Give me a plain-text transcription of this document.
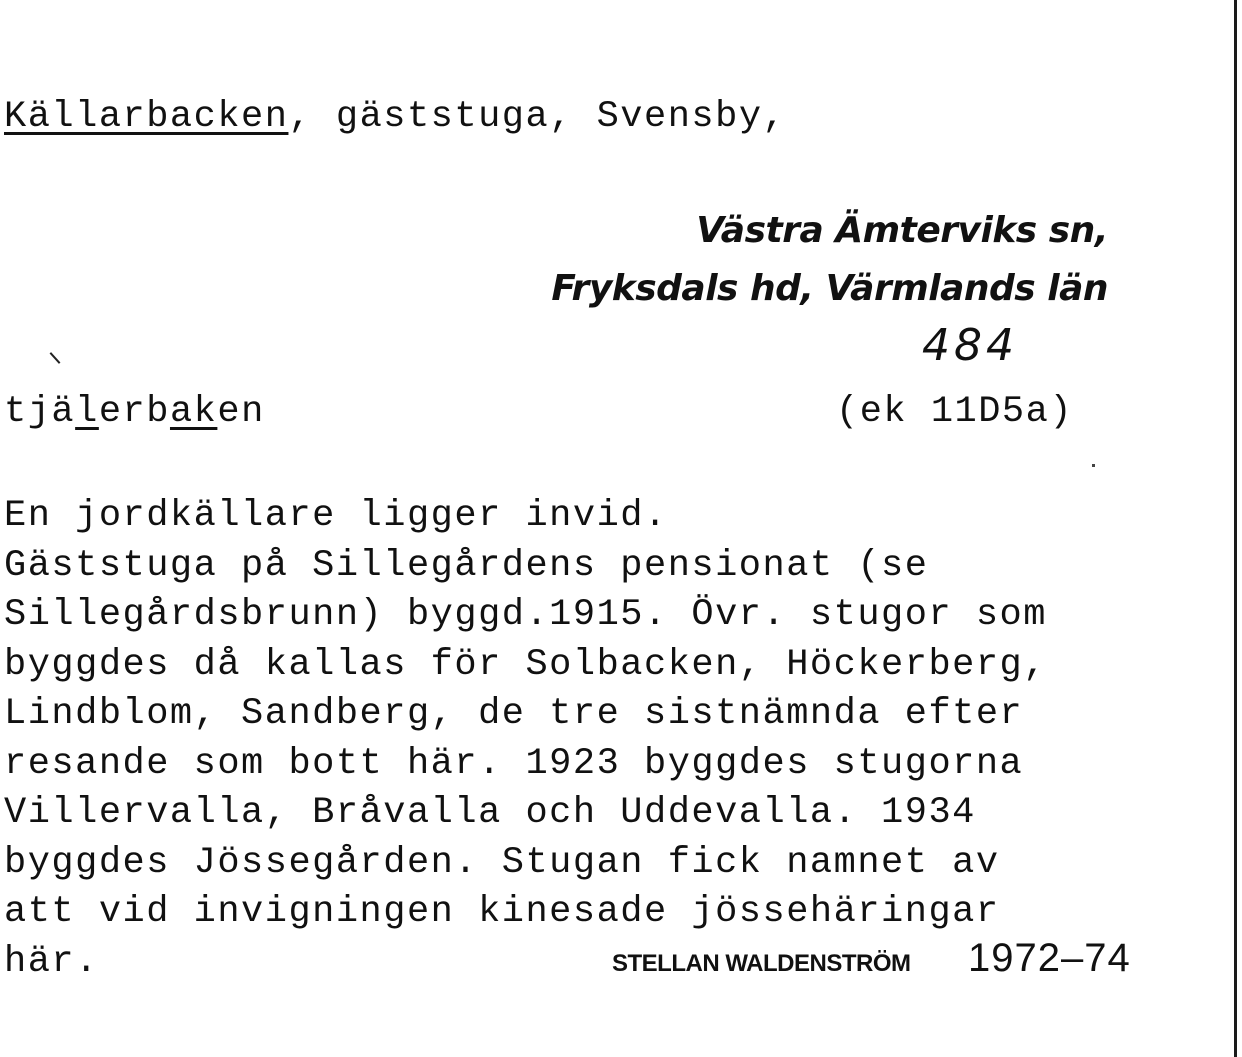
Källarbacken, gäststuga, Svensby,
Västra Ämterviks sn,
Fryksdals hd, Värmlands län
484
tjälerbaken	(ek 11D5a)
En jordkällare ligger invid.
Gäststuga på Sillegårdens pensionat (se
Sillegårdsbrunn) byggd.1915. Övr. stugor som
byggdes då kallas för Solbacken, Höckerberg,
Lindblom, Sandberg, de tre sistnämnda efter
resande som bott här. 1923 byggdes stugorna
Villervalla, Bråvalla och Uddevalla. 1934
byggdes Jössegården. Stugan fick namnet av
att vid invigningen kinesade jössehäringar
här.	STELLAN WALDENSTRÖM 1972–74
